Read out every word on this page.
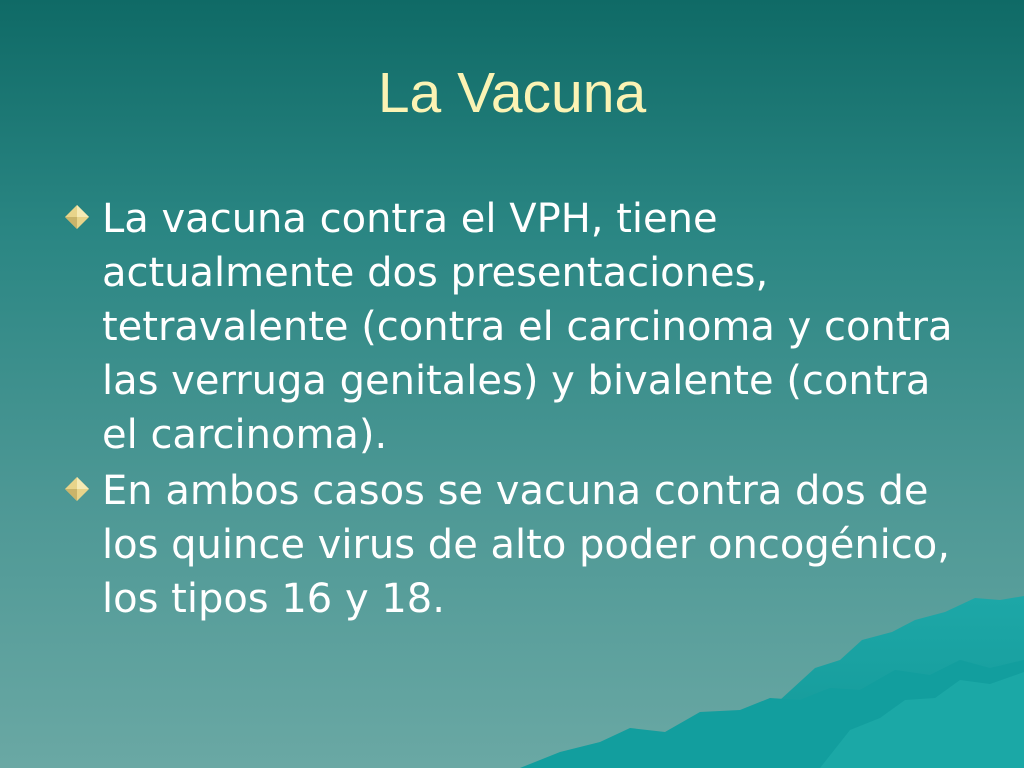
La Vacuna
La vacuna contra el VPH, tiene actualmente dos presentaciones, tetravalente (contra el carcinoma y contra las verruga genitales) y bivalente (contra el carcinoma).
En ambos casos se vacuna contra dos de los quince virus de alto poder oncogénico, los tipos 16 y 18.
